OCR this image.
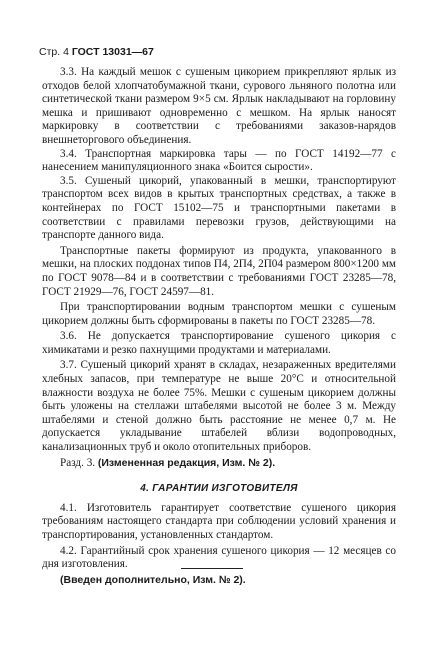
Стр. 4 ГОСТ 13031—67

3.3. На каждый мешок с сушеным цикорием прикрепляют ярлык из отходов белой хлопчатобумажной ткани, сурового льняного полотна или синтетической ткани размером 9×5 см. Ярлык накладывают на горловину мешка и пришивают одновременно с мешком. На ярлык наносят маркировку в соответствии с требованиями заказов-нарядов внешнеторгового объединения.

3.4. Транспортная маркировка тары — по ГОСТ 14192—77 с нанесением манипуляционного знака «Боится сырости».

3.5. Сушеный цикорий, упакованный в мешки, транспортируют транспортом всех видов в крытых транспортных средствах, а также в контейнерах по ГОСТ 15102—75 и транспортными пакетами в соответствии с правилами перевозки грузов, действующими на транспорте данного вида.

Транспортные пакеты формируют из продукта, упакованного в мешки, на плоских поддонах типов П4, 2П4, 2П04 размером 800×1200 мм по ГОСТ 9078—84 и в соответствии с требованиями ГОСТ 23285—78, ГОСТ 21929—76, ГОСТ 24597—81.

При транспортировании водным транспортом мешки с сушеным цикорием должны быть сформированы в пакеты по ГОСТ 23285—78.

3.6. Не допускается транспортирование сушеного цикория с химикатами и резко пахнущими продуктами и материалами.

3.7. Сушеный цикорий хранят в складах, незараженных вредителями хлебных запасов, при температуре не выше 20°С и относительной влажности воздуха не более 75%. Мешки с сушеным цикорием должны быть уложены на стеллажи штабелями высотой не более 3 м. Между штабелями и стеной должно быть расстояние не менее 0,7 м. Не допускается укладывание штабелей вблизи водопроводных, канализационных труб и около отопительных приборов.

Разд. 3. (Измененная редакция, Изм. № 2).

4. ГАРАНТИИ ИЗГОТОВИТЕЛЯ

4.1. Изготовитель гарантирует соответствие сушеного цикория требованиям настоящего стандарта при соблюдении условий хранения и транспортирования, установленных стандартом.

4.2. Гарантийный срок хранения сушеного цикория — 12 месяцев со дня изготовления.

(Введен дополнительно, Изм. № 2).
